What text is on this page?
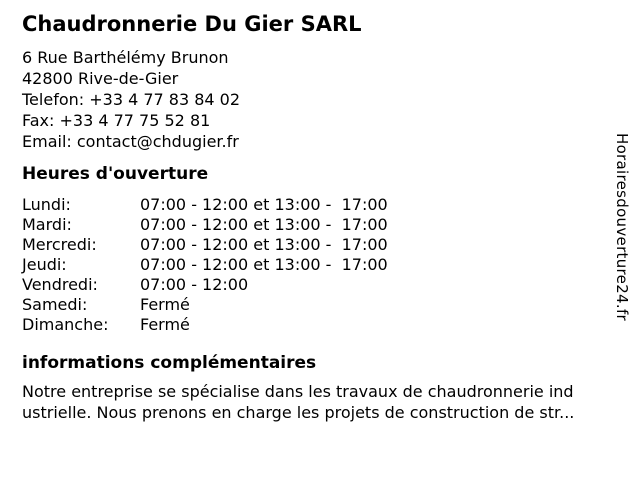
Chaudronnerie Du Gier SARL
6 Rue Barthélémy Brunon
42800 Rive-de-Gier
Telefon: +33 4 77 83 84 02
Fax: +33 4 77 75 52 81
Email: contact@chdugier.fr
Heures d'ouverture
Lundi:	07:00 - 12:00 et 13:00 -  17:00
Mardi:	07:00 - 12:00 et 13:00 -  17:00
Mercredi:	07:00 - 12:00 et 13:00 -  17:00
Jeudi:	07:00 - 12:00 et 13:00 -  17:00
Vendredi:	07:00 - 12:00
Samedi:	Fermé
Dimanche: Fermé
informations complémentaires
Notre entreprise se spécialise dans les travaux de chaudronnerie ind
ustrielle. Nous prenons en charge les projets de construction de str...
Horairesdouverture24.fr
